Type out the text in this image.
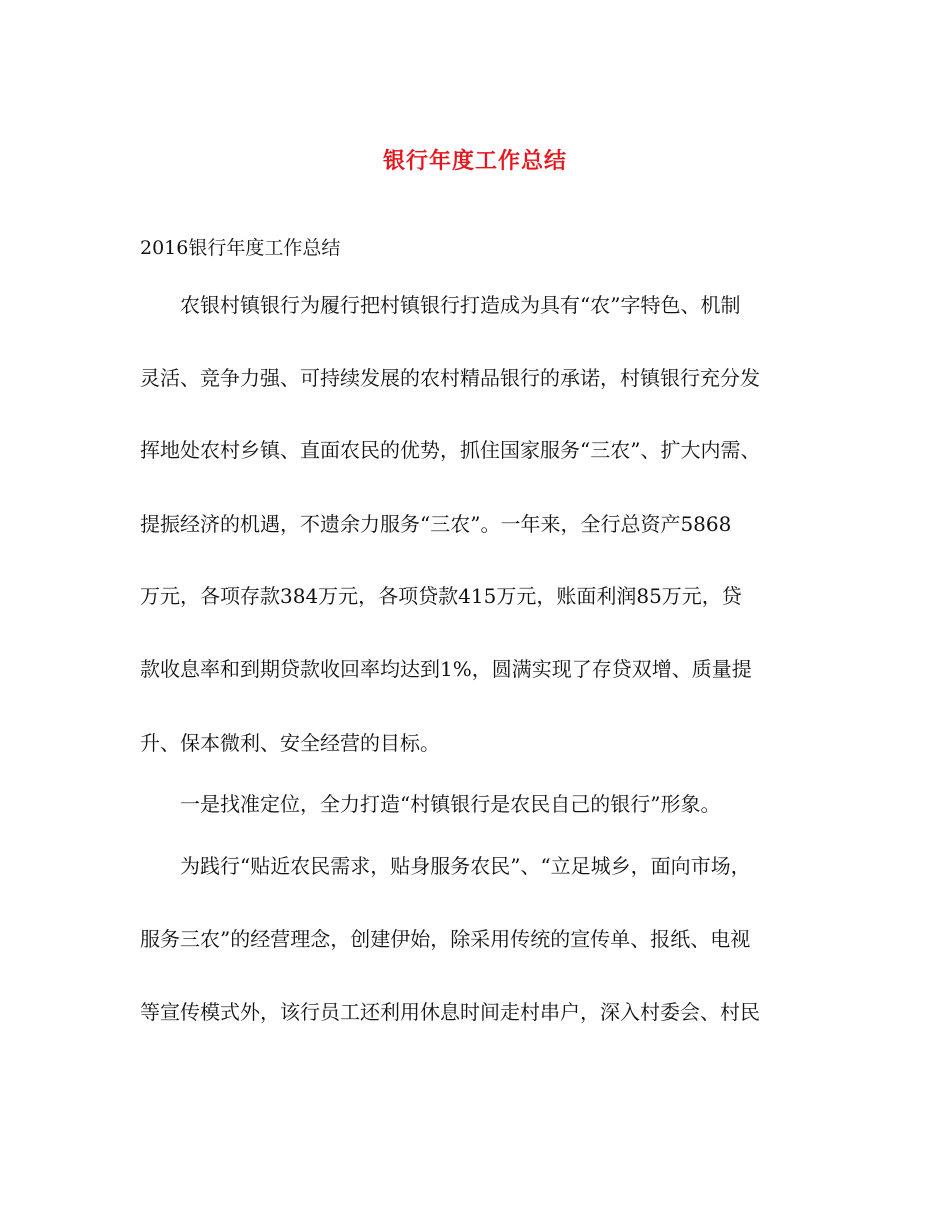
银行年度工作总结
2016银行年度工作总结
农银村镇银行为履行把村镇银行打造成为具有“农”字特色、机制
灵活、竞争力强、可持续发展的农村精品银行的承诺，村镇银行充分发
挥地处农村乡镇、直面农民的优势，抓住国家服务“三农”、扩大内需、
提振经济的机遇，不遗余力服务“三农”。一年来，全行总资产5868
万元，各项存款384万元，各项贷款415万元，账面利润85万元，贷
款收息率和到期贷款收回率均达到1%，圆满实现了存贷双增、质量提
升、保本微利、安全经营的目标。
一是找准定位，全力打造“村镇银行是农民自己的银行”形象。
为践行“贴近农民需求，贴身服务农民”、“立足城乡，面向市场，
服务三农”的经营理念，创建伊始，除采用传统的宣传单、报纸、电视
等宣传模式外，该行员工还利用休息时间走村串户，深入村委会、村民
